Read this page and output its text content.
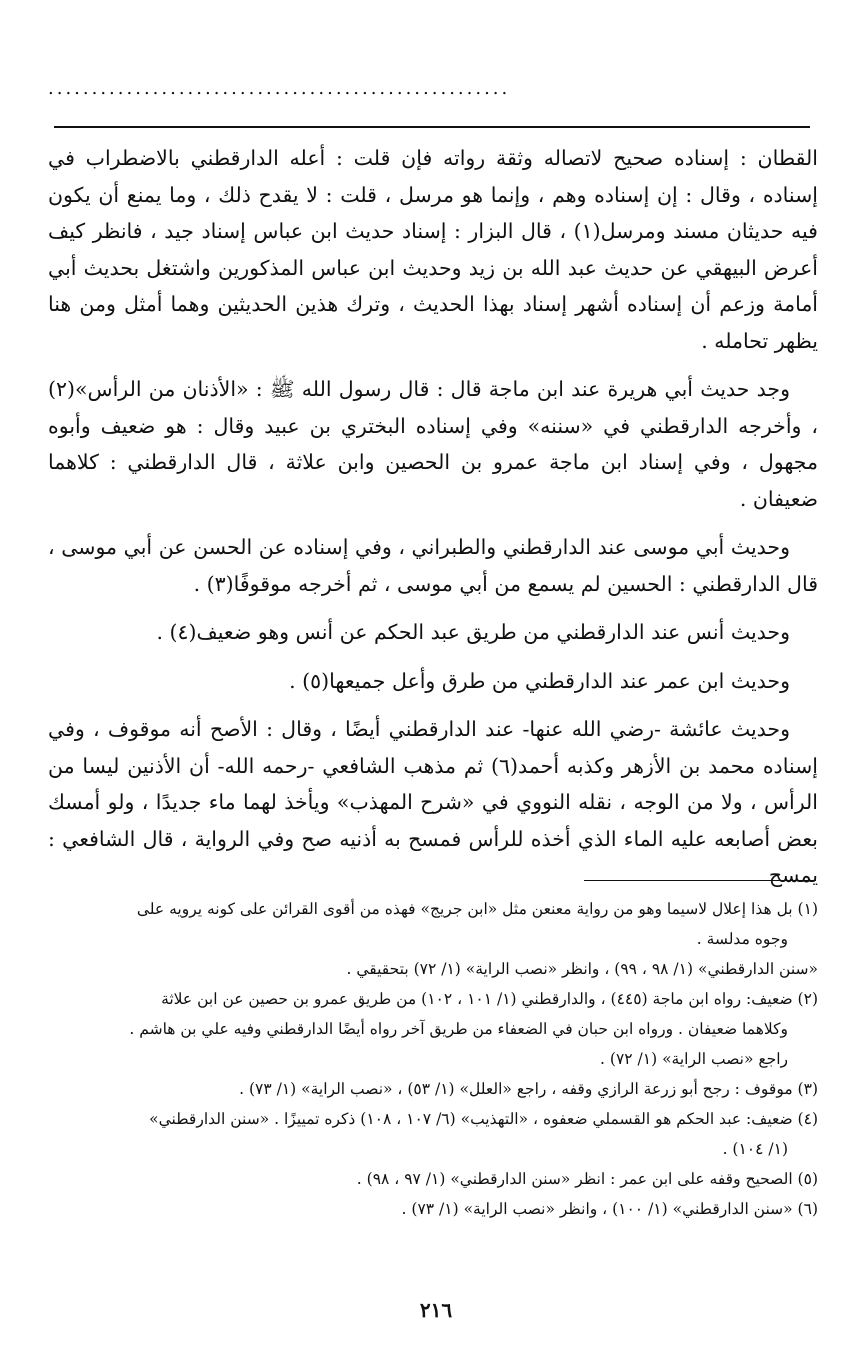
.....................................................

القطان : إسناده صحيح لاتصاله وثقة رواته فإن قلت : أعله الدارقطني بالاضطراب في إسناده ، وقال : إن إسناده وهم ، وإنما هو مرسل ، قلت : لا يقدح ذلك ، وما يمنع أن يكون فيه حديثان مسند ومرسل(١) ، قال البزار : إسناد حديث ابن عباس إسناد جيد ، فانظر كيف أعرض البيهقي عن حديث عبد الله بن زيد وحديث ابن عباس المذكورين واشتغل بحديث أبي أمامة وزعم أن إسناده أشهر إسناد بهذا الحديث ، وترك هذين الحديثين وهما أمثل ومن هنا يظهر تحامله .

وجد حديث أبي هريرة عند ابن ماجة قال : قال رسول الله ﷺ : «الأذنان من الرأس»(٢) ، وأخرجه الدارقطني في «سننه» وفي إسناده البختري بن عبيد وقال : هو ضعيف وأبوه مجهول ، وفي إسناد ابن ماجة عمرو بن الحصين وابن علاثة ، قال الدارقطني : كلاهما ضعيفان .

وحديث أبي موسى عند الدارقطني والطبراني ، وفي إسناده عن الحسن عن أبي موسى ، قال الدارقطني : الحسين لم يسمع من أبي موسى ، ثم أخرجه موقوفًا(٣) .

وحديث أنس عند الدارقطني من طريق عبد الحكم عن أنس وهو ضعيف(٤) .

وحديث ابن عمر عند الدارقطني من طرق وأعل جميعها(٥) .

وحديث عائشة -رضي الله عنها- عند الدارقطني أيضًا ، وقال : الأصح أنه موقوف ، وفي إسناده محمد بن الأزهر وكذبه أحمد(٦) ثم مذهب الشافعي -رحمه الله- أن الأذنين ليسا من الرأس ، ولا من الوجه ، نقله النووي في «شرح المهذب» ويأخذ لهما ماء جديدًا ، ولو أمسك بعض أصابعه عليه الماء الذي أخذه للرأس فمسح به أذنيه صح وفي الرواية ، قال الشافعي : يمسح

(١) بل هذا إعلال لاسيما وهو من رواية معنعن مثل «ابن جريج» فهذه من أقوى القرائن على كونه يرويه على

وجوه مدلسة .

«سنن الدارقطني» (١/ ٩٨ ، ٩٩) ، وانظر «نصب الراية» (١/ ٧٢) بتحقيقي .

(٢) ضعيف: رواه ابن ماجة (٤٤٥) ، والدارقطني (١/ ١٠١ ، ١٠٢) من طريق عمرو بن حصين عن ابن علاثة

وكلاهما ضعيفان . ورواه ابن حبان في الضعفاء من طريق آخر رواه أيضًا الدارقطني وفيه علي بن هاشم .

راجع «نصب الراية» (١/ ٧٢) .

(٣) موقوف : رجح أبو زرعة الرازي وقفه ، راجع «العلل» (١/ ٥٣) ، «نصب الراية» (١/ ٧٣) .

(٤) ضعيف: عبد الحكم هو القسملي ضعفوه ، «التهذيب» (٦/ ١٠٧ ، ١٠٨) ذكره تمييزًا . «سنن الدارقطني»

(١/ ١٠٤) .

(٥) الصحيح وقفه على ابن عمر : انظر «سنن الدارقطني» (١/ ٩٧ ، ٩٨) .

(٦) «سنن الدارقطني» (١/ ١٠٠) ، وانظر «نصب الراية» (١/ ٧٣) .

٢١٦
